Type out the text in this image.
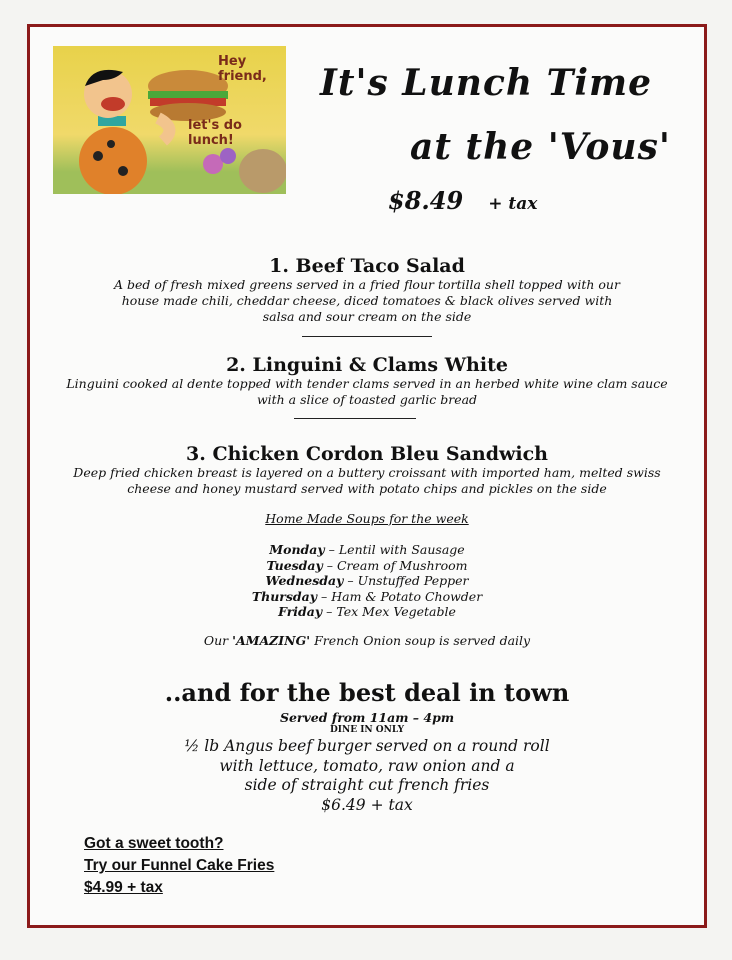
Hey friend,
let's do lunch!
It's Lunch Time
at the 'Vous'
$8.49 + tax
1. Beef Taco Salad
A bed of fresh mixed greens served in a fried flour tortilla shell topped with our
house made chili, cheddar cheese, diced tomatoes & black olives served with
salsa and sour cream on the side
2. Linguini & Clams White
Linguini cooked al dente topped with tender clams served in an herbed white wine clam sauce
with a slice of toasted garlic bread
3. Chicken Cordon Bleu Sandwich
Deep fried chicken breast is layered on a buttery croissant with imported ham, melted swiss
cheese and honey mustard served with potato chips and pickles on the side
Home Made Soups for the week
Monday – Lentil with Sausage
Tuesday – Cream of Mushroom
Wednesday – Unstuffed Pepper
Thursday – Ham & Potato Chowder
Friday – Tex Mex Vegetable
Our 'AMAZING' French Onion soup is served daily
..and for the best deal in town
Served from 11am – 4pm
DINE IN ONLY
½ lb Angus beef burger served on a round roll
with lettuce, tomato, raw onion and a
side of straight cut french fries
$6.49 + tax
Got a sweet tooth?
Try our Funnel Cake Fries
$4.99 + tax
